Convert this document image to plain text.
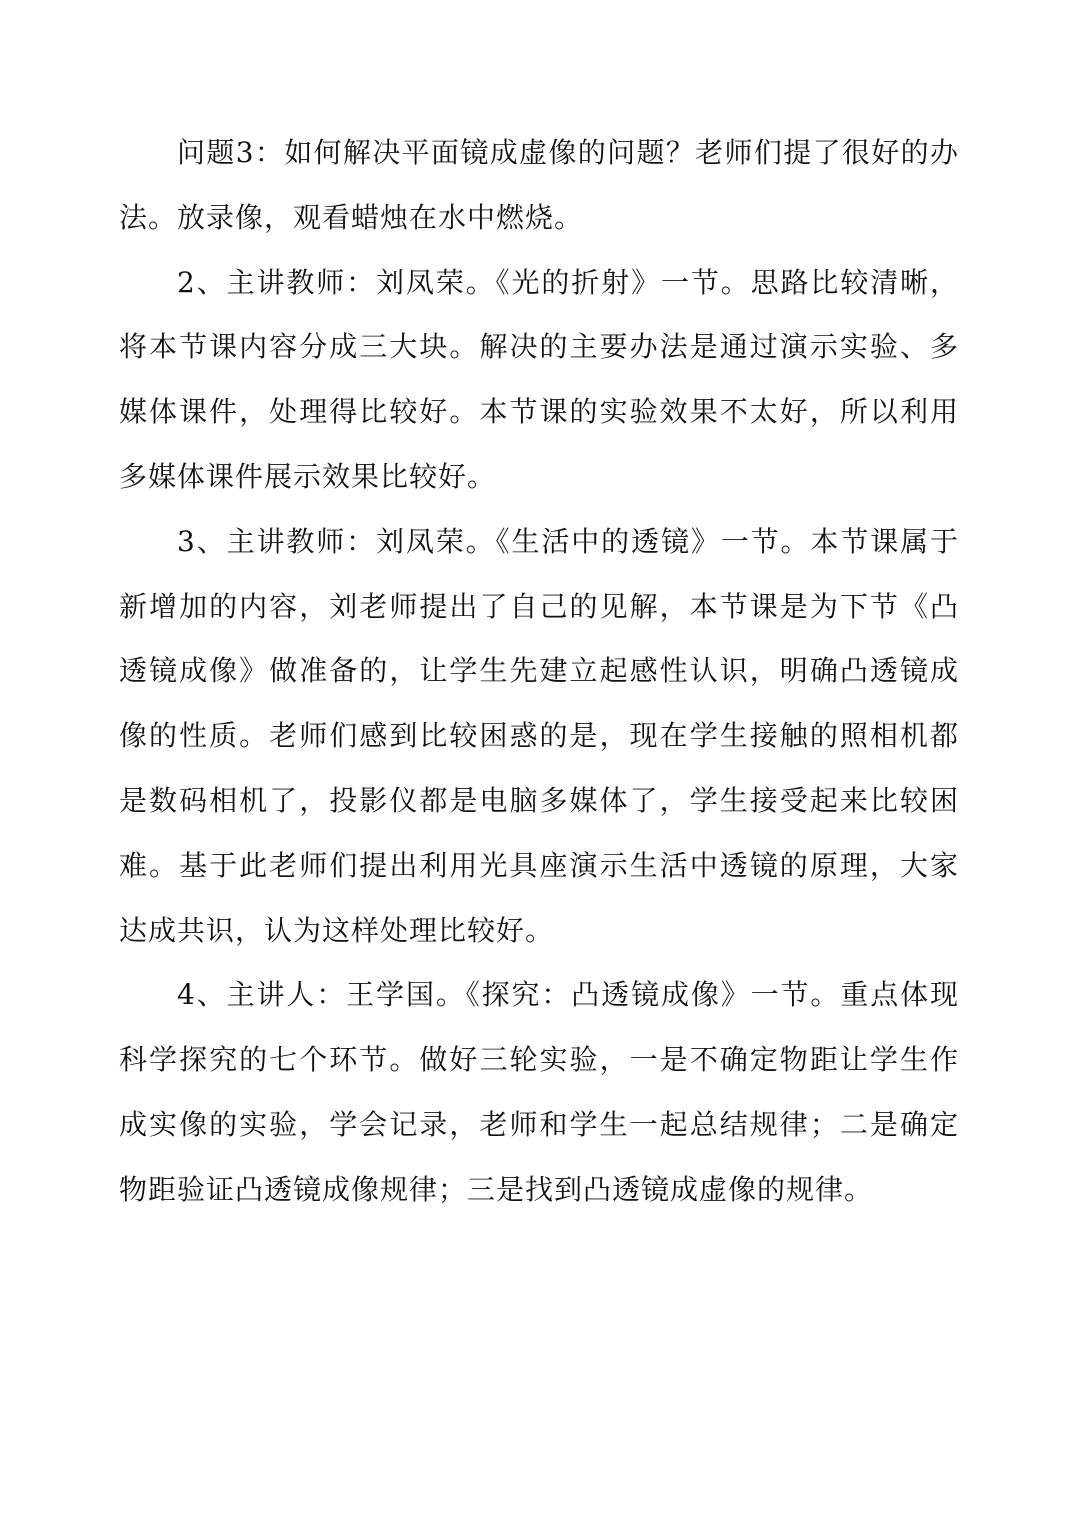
问题3：如何解决平面镜成虚像的问题？老师们提了很好的办法。放录像，观看蜡烛在水中燃烧。

2、主讲教师：刘凤荣。《光的折射》一节。思路比较清晰，将本节课内容分成三大块。解决的主要办法是通过演示实验、多媒体课件，处理得比较好。本节课的实验效果不太好，所以利用多媒体课件展示效果比较好。

3、主讲教师：刘凤荣。《生活中的透镜》一节。本节课属于新增加的内容，刘老师提出了自己的见解，本节课是为下节《凸透镜成像》做准备的，让学生先建立起感性认识，明确凸透镜成像的性质。老师们感到比较困惑的是，现在学生接触的照相机都是数码相机了，投影仪都是电脑多媒体了，学生接受起来比较困难。基于此老师们提出利用光具座演示生活中透镜的原理，大家达成共识，认为这样处理比较好。

4、主讲人：王学国。《探究：凸透镜成像》一节。重点体现科学探究的七个环节。做好三轮实验，一是不确定物距让学生作成实像的实验，学会记录，老师和学生一起总结规律；二是确定物距验证凸透镜成像规律；三是找到凸透镜成虚像的规律。
